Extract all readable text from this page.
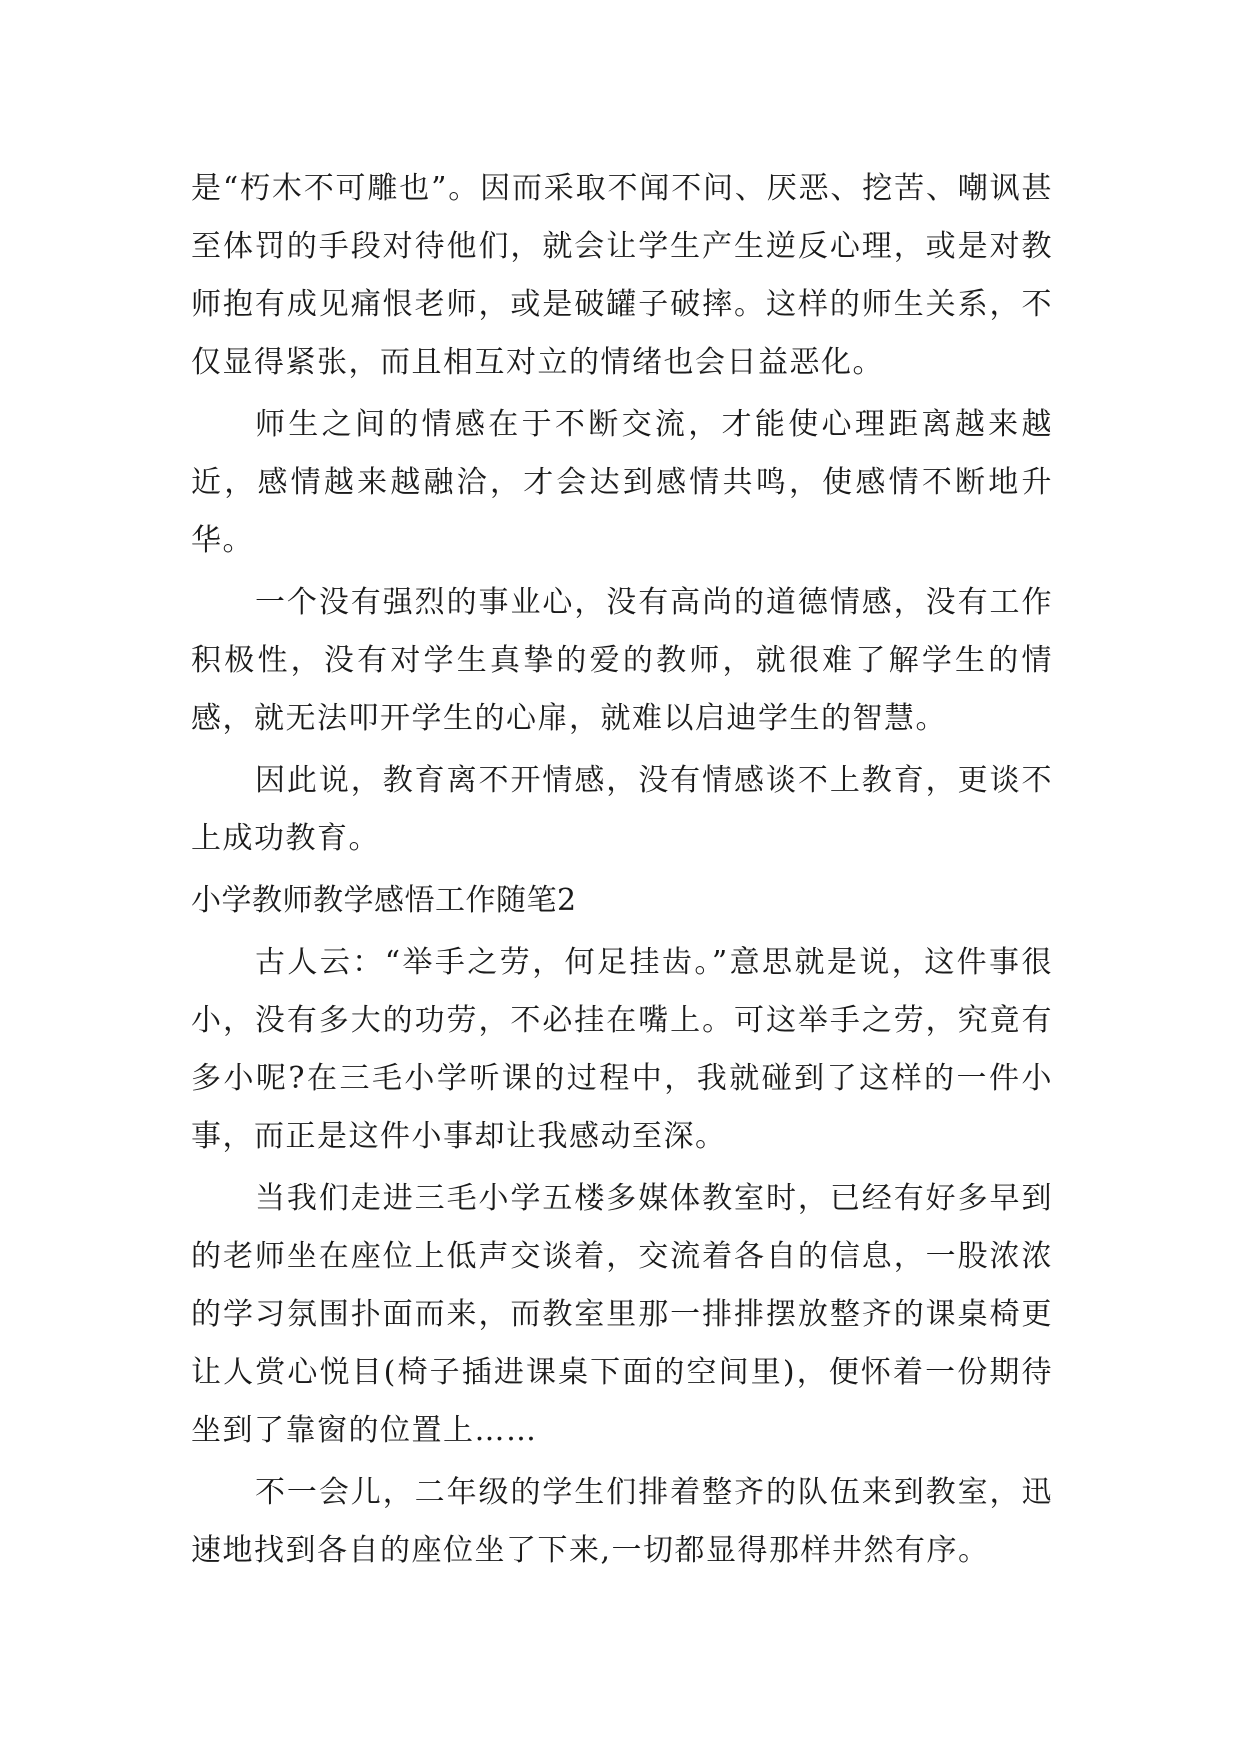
是“朽木不可雕也”。因而采取不闻不问、厌恶、挖苦、嘲讽甚至体罚的手段对待他们，就会让学生产生逆反心理，或是对教师抱有成见痛恨老师，或是破罐子破摔。这样的师生关系，不仅显得紧张，而且相互对立的情绪也会日益恶化。

师生之间的情感在于不断交流，才能使心理距离越来越近，感情越来越融洽，才会达到感情共鸣，使感情不断地升华。

一个没有强烈的事业心，没有高尚的道德情感，没有工作积极性，没有对学生真挚的爱的教师，就很难了解学生的情感，就无法叩开学生的心扉，就难以启迪学生的智慧。

因此说，教育离不开情感，没有情感谈不上教育，更谈不上成功教育。

小学教师教学感悟工作随笔2

古人云：“举手之劳，何足挂齿。”意思就是说，这件事很小，没有多大的功劳，不必挂在嘴上。可这举手之劳，究竟有多小呢?在三毛小学听课的过程中，我就碰到了这样的一件小事，而正是这件小事却让我感动至深。

当我们走进三毛小学五楼多媒体教室时，已经有好多早到的老师坐在座位上低声交谈着，交流着各自的信息，一股浓浓的学习氛围扑面而来，而教室里那一排排摆放整齐的课桌椅更让人赏心悦目(椅子插进课桌下面的空间里)，便怀着一份期待坐到了靠窗的位置上……

不一会儿，二年级的学生们排着整齐的队伍来到教室，迅速地找到各自的座位坐了下来,一切都显得那样井然有序。
